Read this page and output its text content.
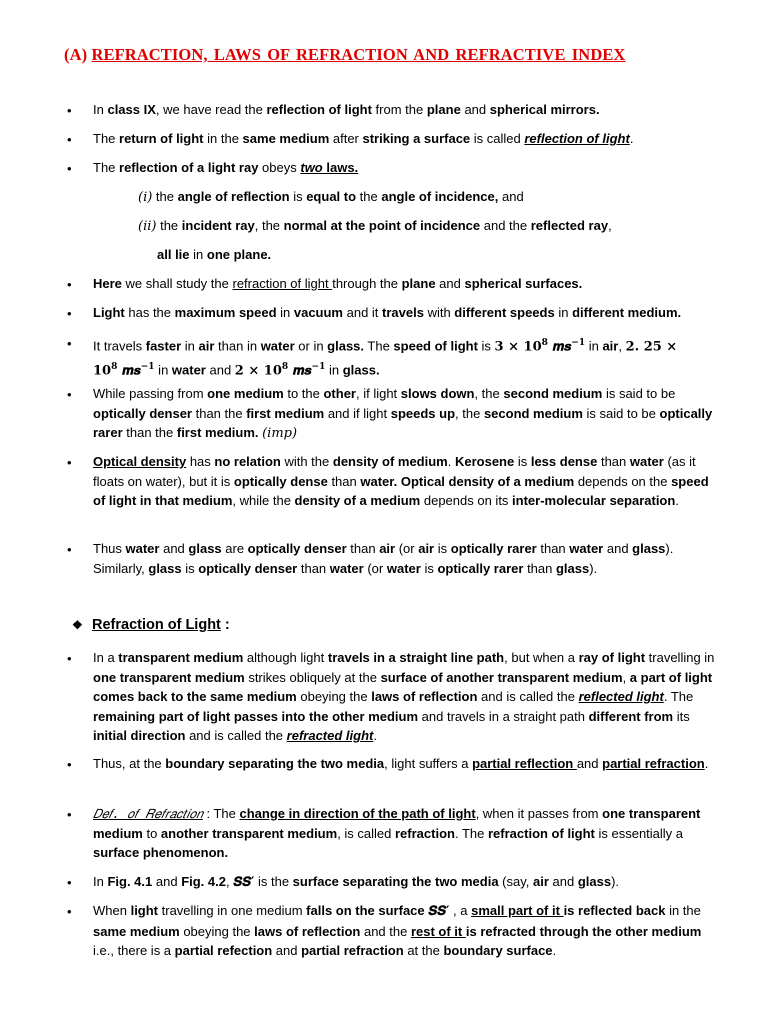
(A) REFRACTION, LAWS OF REFRACTION AND REFRACTIVE INDEX
• In class IX, we have read the reflection of light from the plane and spherical mirrors.
• The return of light in the same medium after striking a surface is called reflection of light.
• The reflection of a light ray obeys two laws.
(𝑖) the angle of reflection is equal to the angle of incidence, and
(𝑖𝑖) the incident ray, the normal at the point of incidence and the reflected ray,
all lie in one plane.
• Here we shall study the refraction of light through the plane and spherical surfaces.
• Light has the maximum speed in vacuum and it travels with different speeds in different medium.
• It travels faster in air than in water or in glass. The speed of light is 𝟑 × $𝟏𝟎^𝟖$ 𝒎𝒔$^{-𝟏}$ in air, 𝟐. 𝟐𝟓 ×
$𝟏𝟎^𝟖$ 𝒎𝒔$^{-𝟏}$ in water and 𝟐 × $𝟏𝟎^𝟖$ 𝒎𝒔$^{-𝟏}$ in glass.
• While passing from one medium to the other, if light slows down, the second medium is said to be optically denser than the first medium and if light speeds up, the second medium is said to be optically rarer than the first medium. (𝑖𝑚𝑝)
• Optical density has no relation with the density of medium. Kerosene is less dense than water (as it floats on water), but it is optically dense than water. Optical density of a medium depends on the speed of light in that medium, while the density of a medium depends on its inter-molecular separation.
• Thus water and glass are optically denser than air (or air is optically rarer than water and glass). Similarly, glass is optically denser than water (or water is optically rarer than glass).
❖ Refraction of Light :
• In a transparent medium although light travels in a straight line path, but when a ray of light travelling in one transparent medium strikes obliquely at the surface of another transparent medium, a part of light comes back to the same medium obeying the laws of reflection and is called the reflected light. The remaining part of light passes into the other medium and travels in a straight path different from its initial direction and is called the refracted light.
• Thus, at the boundary separating the two media, light suffers a partial reflection and partial refraction.
• 𝐷𝑒𝑓. 𝑜𝑓 𝑅𝑒𝑓𝑟𝑎𝑐𝑡𝑖𝑜𝑛 : The change in direction of the path of light, when it passes from one transparent medium to another transparent medium, is called refraction. The refraction of light is essentially a surface phenomenon.
• In Fig. 4.1 and Fig. 4.2, 𝑺𝑺′ is the surface separating the two media (say, air and glass).
• When light travelling in one medium falls on the surface 𝑺𝑺′ , a small part of it is reflected back in the same medium obeying the laws of reflection and the rest of it is refracted through the other medium i.e., there is a partial refection and partial refraction at the boundary surface.
